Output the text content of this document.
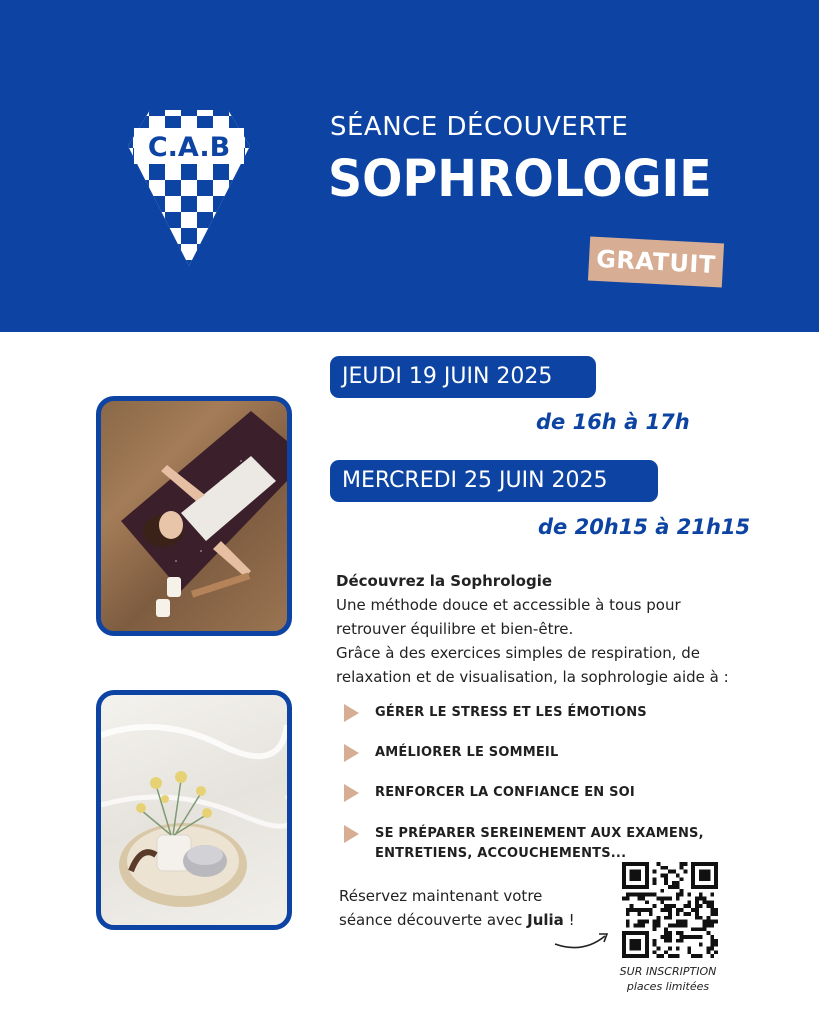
C.A.B
SÉANCE DÉCOUVERTE
SOPHROLOGIE
GRATUIT
JEUDI 19 JUIN 2025
de 16h à 17h
MERCREDI 25 JUIN 2025
de 20h15 à 21h15
Découvrez la Sophrologie
Une méthode douce et accessible à tous pour
retrouver équilibre et bien-être.
Grâce à des exercices simples de respiration, de
relaxation et de visualisation, la sophrologie aide à :
GÉRER LE STRESS ET LES ÉMOTIONS
AMÉLIORER LE SOMMEIL
RENFORCER LA CONFIANCE EN SOI
SE PRÉPARER SEREINEMENT AUX EXAMENS,
ENTRETIENS, ACCOUCHEMENTS...
Réservez maintenant votre
séance découverte avec Julia !
SUR INSCRIPTION
places limitées
